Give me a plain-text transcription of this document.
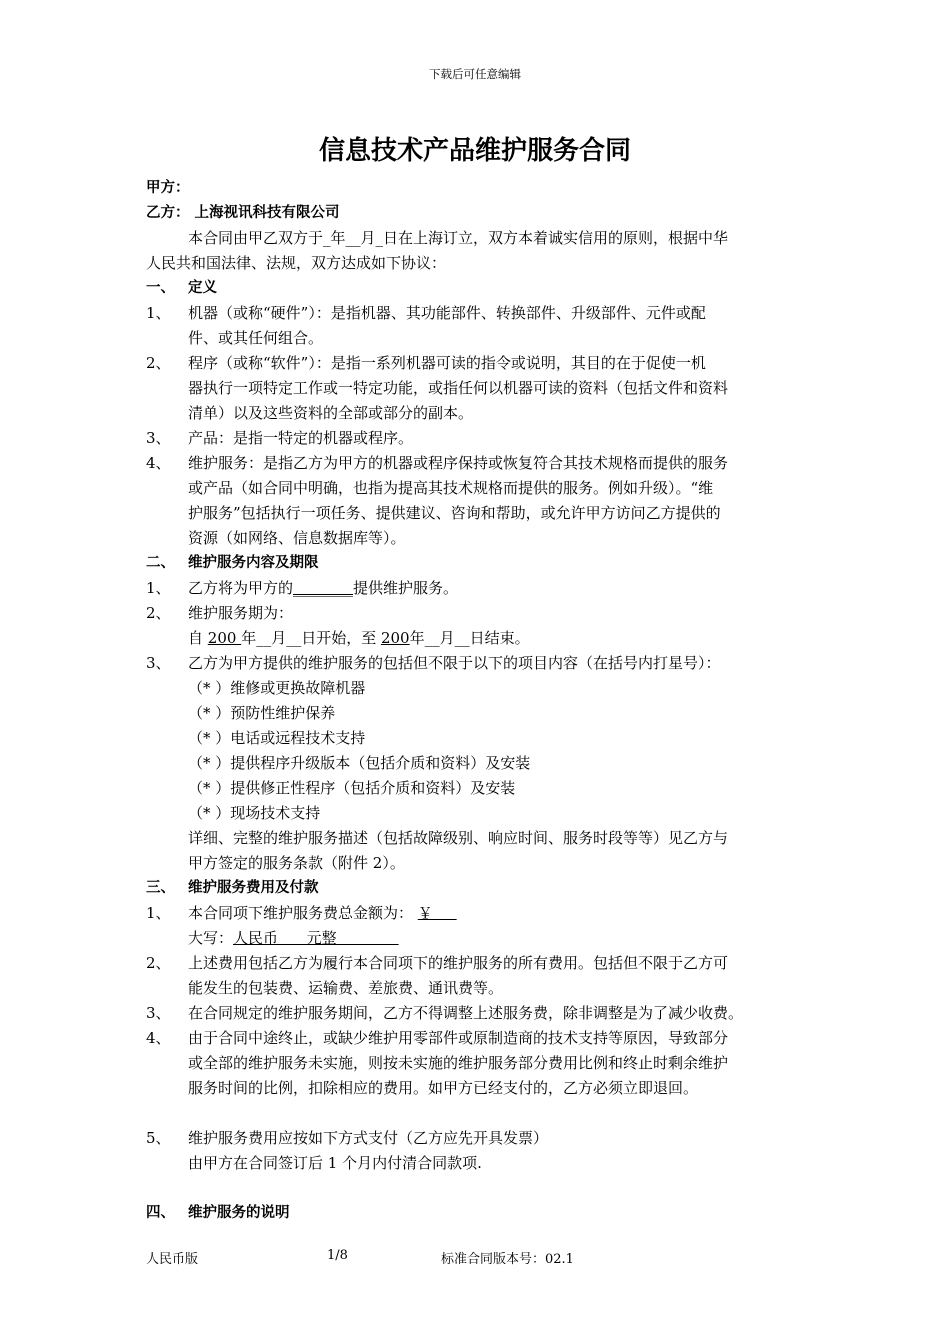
下载后可任意编辑
信息技术产品维护服务合同
甲方：
乙方： 上海视讯科技有限公司
本合同由甲乙双方于_年__月_日在上海订立，双方本着诚实信用的原则，根据中华
人民共和国法律、法规，双方达成如下协议：
一、 定义
1、 机器（或称“硬件”）：是指机器、其功能部件、转换部件、升级部件、元件或配
件、或其任何组合。
2、 程序（或称“软件”）：是指一系列机器可读的指令或说明，其目的在于促使一机
器执行一项特定工作或一特定功能，或指任何以机器可读的资料（包括文件和资料
清单）以及这些资料的全部或部分的副本。
3、 产品：是指一特定的机器或程序。
4、 维护服务：是指乙方为甲方的机器或程序保持或恢复符合其技术规格而提供的服务
或产品（如合同中明确，也指为提高其技术规格而提供的服务。例如升级）。“维
护服务”包括执行一项任务、提供建议、咨询和帮助，或允许甲方访问乙方提供的
资源（如网络、信息数据库等）。
二、 维护服务内容及期限
1、 乙方将为甲方的________提供维护服务。
2、 维护服务期为：
自 200 年__月__日开始，至 200年__月__日结束。
3、 乙方为甲方提供的维护服务的包括但不限于以下的项目内容（在括号内打星号）：
（* ）维修或更换故障机器
（* ）预防性维护保养
（* ）电话或远程技术支持
（* ）提供程序升级版本（包括介质和资料）及安装
（* ）提供修正性程序（包括介质和资料）及安装
（* ）现场技术支持
详细、完整的维护服务描述（包括故障级别、响应时间、服务时段等等）见乙方与
甲方签定的服务条款（附件 2）。
三、 维护服务费用及付款
1、 本合同项下维护服务费总金额为： ￥
大写：人民币      元整
2、 上述费用包括乙方为履行本合同项下的维护服务的所有费用。包括但不限于乙方可
能发生的包装费、运输费、差旅费、通讯费等。
3、 在合同规定的维护服务期间，乙方不得调整上述服务费，除非调整是为了减少收费。
4、 由于合同中途终止，或缺少维护用零部件或原制造商的技术支持等原因，导致部分
或全部的维护服务未实施，则按未实施的维护服务部分费用比例和终止时剩余维护
服务时间的比例，扣除相应的费用。如甲方已经支付的，乙方必须立即退回。
5、 维护服务费用应按如下方式支付（乙方应先开具发票）
由甲方在合同签订后 1 个月内付清合同款项.
四、 维护服务的说明
人民币版	1/8	标准合同版本号：02.1
